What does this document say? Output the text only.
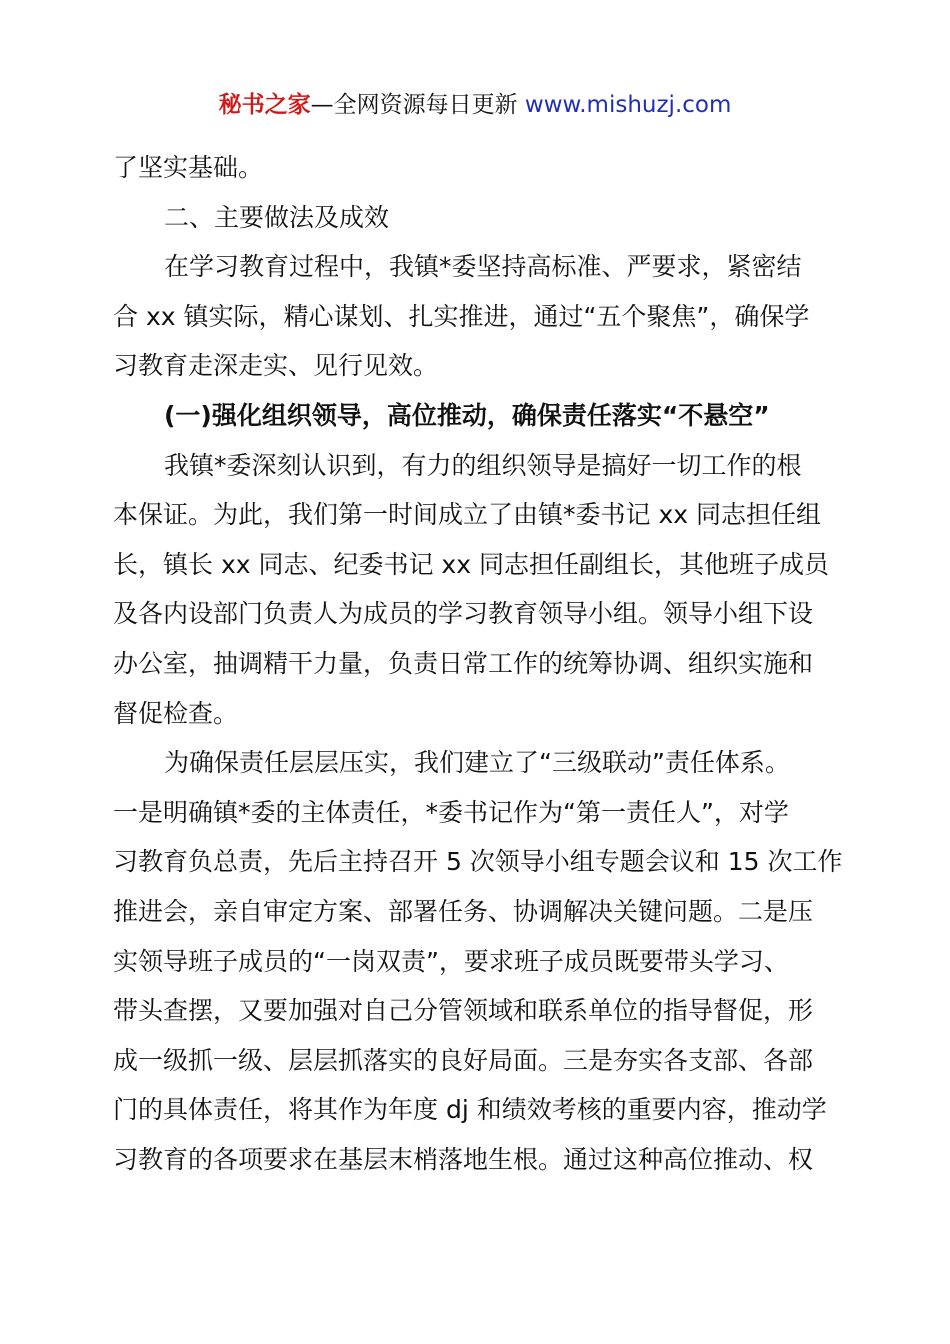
秘书之家—全网资源每日更新 www.mishuzj.com
了坚实基础。
二、主要做法及成效
在学习教育过程中，我镇*委坚持高标准、严要求，紧密结
合 xx 镇实际，精心谋划、扎实推进，通过“五个聚焦”，确保学
习教育走深走实、见行见效。
(一)强化组织领导，高位推动，确保责任落实“不悬空”
我镇*委深刻认识到，有力的组织领导是搞好一切工作的根
本保证。为此，我们第一时间成立了由镇*委书记 xx 同志担任组
长，镇长 xx 同志、纪委书记 xx 同志担任副组长，其他班子成员
及各内设部门负责人为成员的学习教育领导小组。领导小组下设
办公室，抽调精干力量，负责日常工作的统筹协调、组织实施和
督促检查。
为确保责任层层压实，我们建立了“三级联动”责任体系。
一是明确镇*委的主体责任，*委书记作为“第一责任人”，对学
习教育负总责，先后主持召开 5 次领导小组专题会议和 15 次工作
推进会，亲自审定方案、部署任务、协调解决关键问题。二是压
实领导班子成员的“一岗双责”，要求班子成员既要带头学习、
带头查摆，又要加强对自己分管领域和联系单位的指导督促，形
成一级抓一级、层层抓落实的良好局面。三是夯实各支部、各部
门的具体责任，将其作为年度 dj 和绩效考核的重要内容，推动学
习教育的各项要求在基层末梢落地生根。通过这种高位推动、权
